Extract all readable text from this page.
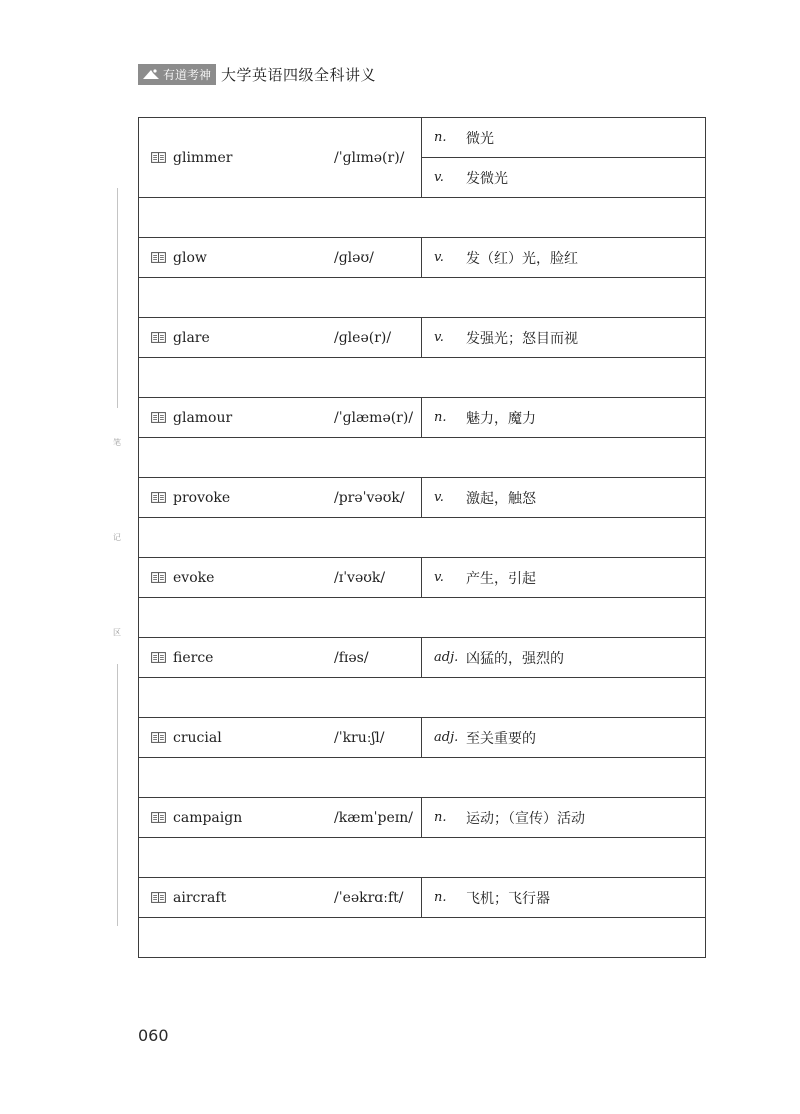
有道考神 大学英语四级全科讲义
笔
记
区
glimmer /ˈɡlɪmə(r)/	n. 微光

	v. 发微光

glow /ɡləʊ/	v. 发（红）光，脸红

glare /ɡleə(r)/	v. 发强光；怒目而视

glamour /ˈɡlæmə(r)/	n. 魅力，魔力

provoke /prəˈvəʊk/	v. 激起，触怒

evoke /ɪˈvəʊk/	v. 产生，引起

fierce /fɪəs/	adj. 凶猛的，强烈的

crucial /ˈkruːʃl/	adj. 至关重要的

campaign /kæmˈpeɪn/	n. 运动；（宣传）活动

aircraft /ˈeəkrɑːft/	n. 飞机；飞行器

060
